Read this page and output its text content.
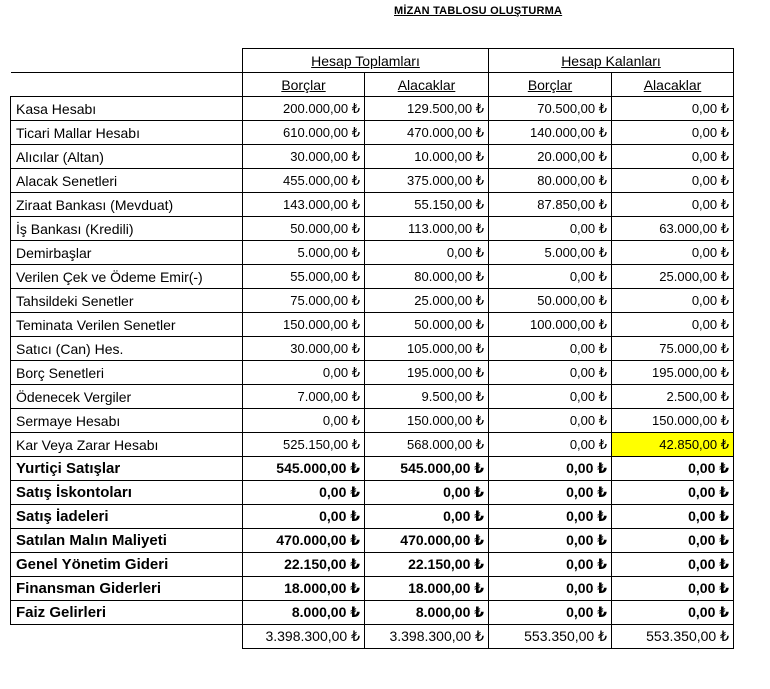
MİZAN TABLOSU OLUŞTURMA
	Hesap Toplamları		Hesap Kalanları	
	Borçlar	Alacaklar	Borçlar	Alacaklar
Kasa Hesabı	200.000,00 ₺	129.500,00 ₺	70.500,00 ₺	0,00 ₺
Ticari Mallar Hesabı	610.000,00 ₺	470.000,00 ₺	140.000,00 ₺	0,00 ₺
Alıcılar (Altan)	30.000,00 ₺	10.000,00 ₺	20.000,00 ₺	0,00 ₺
Alacak Senetleri	455.000,00 ₺	375.000,00 ₺	80.000,00 ₺	0,00 ₺
Ziraat Bankası (Mevduat)	143.000,00 ₺	55.150,00 ₺	87.850,00 ₺	0,00 ₺
İş Bankası (Kredili)	50.000,00 ₺	113.000,00 ₺	0,00 ₺	63.000,00 ₺
Demirbaşlar	5.000,00 ₺	0,00 ₺	5.000,00 ₺	0,00 ₺
Verilen Çek ve Ödeme Emir(-)	55.000,00 ₺	80.000,00 ₺	0,00 ₺	25.000,00 ₺
Tahsildeki Senetler	75.000,00 ₺	25.000,00 ₺	50.000,00 ₺	0,00 ₺
Teminata Verilen Senetler	150.000,00 ₺	50.000,00 ₺	100.000,00 ₺	0,00 ₺
Satıcı (Can) Hes.	30.000,00 ₺	105.000,00 ₺	0,00 ₺	75.000,00 ₺
Borç Senetleri	0,00 ₺	195.000,00 ₺	0,00 ₺	195.000,00 ₺
Ödenecek Vergiler	7.000,00 ₺	9.500,00 ₺	0,00 ₺	2.500,00 ₺
Sermaye Hesabı	0,00 ₺	150.000,00 ₺	0,00 ₺	150.000,00 ₺
Kar Veya Zarar Hesabı	525.150,00 ₺	568.000,00 ₺	0,00 ₺	42.850,00 ₺
Yurtiçi Satışlar	545.000,00 ₺	545.000,00 ₺	0,00 ₺	0,00 ₺
Satış İskontoları	0,00 ₺	0,00 ₺	0,00 ₺	0,00 ₺
Satış İadeleri	0,00 ₺	0,00 ₺	0,00 ₺	0,00 ₺
Satılan Malın Maliyeti	470.000,00 ₺	470.000,00 ₺	0,00 ₺	0,00 ₺
Genel Yönetim Gideri	22.150,00 ₺	22.150,00 ₺	0,00 ₺	0,00 ₺
Finansman Giderleri	18.000,00 ₺	18.000,00 ₺	0,00 ₺	0,00 ₺
Faiz Gelirleri	8.000,00 ₺	8.000,00 ₺	0,00 ₺	0,00 ₺
	3.398.300,00 ₺	3.398.300,00 ₺	553.350,00 ₺	553.350,00 ₺
